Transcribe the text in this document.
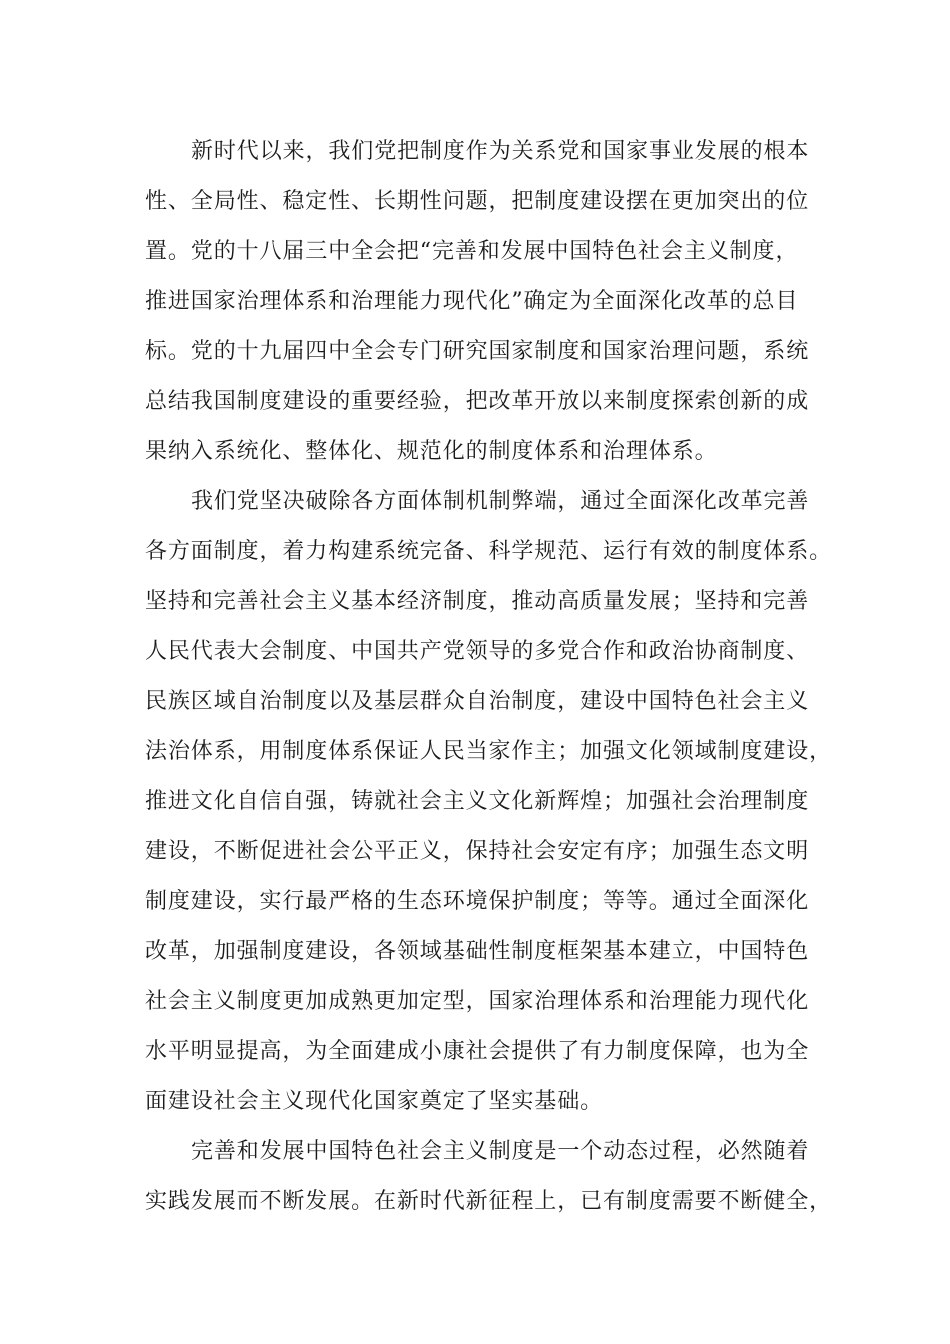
新时代以来，我们党把制度作为关系党和国家事业发展的根本
性、全局性、稳定性、长期性问题，把制度建设摆在更加突出的位
置。党的十八届三中全会把“完善和发展中国特色社会主义制度，
推进国家治理体系和治理能力现代化”确定为全面深化改革的总目
标。党的十九届四中全会专门研究国家制度和国家治理问题，系统
总结我国制度建设的重要经验，把改革开放以来制度探索创新的成
果纳入系统化、整体化、规范化的制度体系和治理体系。
我们党坚决破除各方面体制机制弊端，通过全面深化改革完善
各方面制度，着力构建系统完备、科学规范、运行有效的制度体系。
坚持和完善社会主义基本经济制度，推动高质量发展；坚持和完善
人民代表大会制度、中国共产党领导的多党合作和政治协商制度、
民族区域自治制度以及基层群众自治制度，建设中国特色社会主义
法治体系，用制度体系保证人民当家作主；加强文化领域制度建设，
推进文化自信自强，铸就社会主义文化新辉煌；加强社会治理制度
建设，不断促进社会公平正义，保持社会安定有序；加强生态文明
制度建设，实行最严格的生态环境保护制度；等等。通过全面深化
改革，加强制度建设，各领域基础性制度框架基本建立，中国特色
社会主义制度更加成熟更加定型，国家治理体系和治理能力现代化
水平明显提高，为全面建成小康社会提供了有力制度保障，也为全
面建设社会主义现代化国家奠定了坚实基础。
完善和发展中国特色社会主义制度是一个动态过程，必然随着
实践发展而不断发展。在新时代新征程上，已有制度需要不断健全，
